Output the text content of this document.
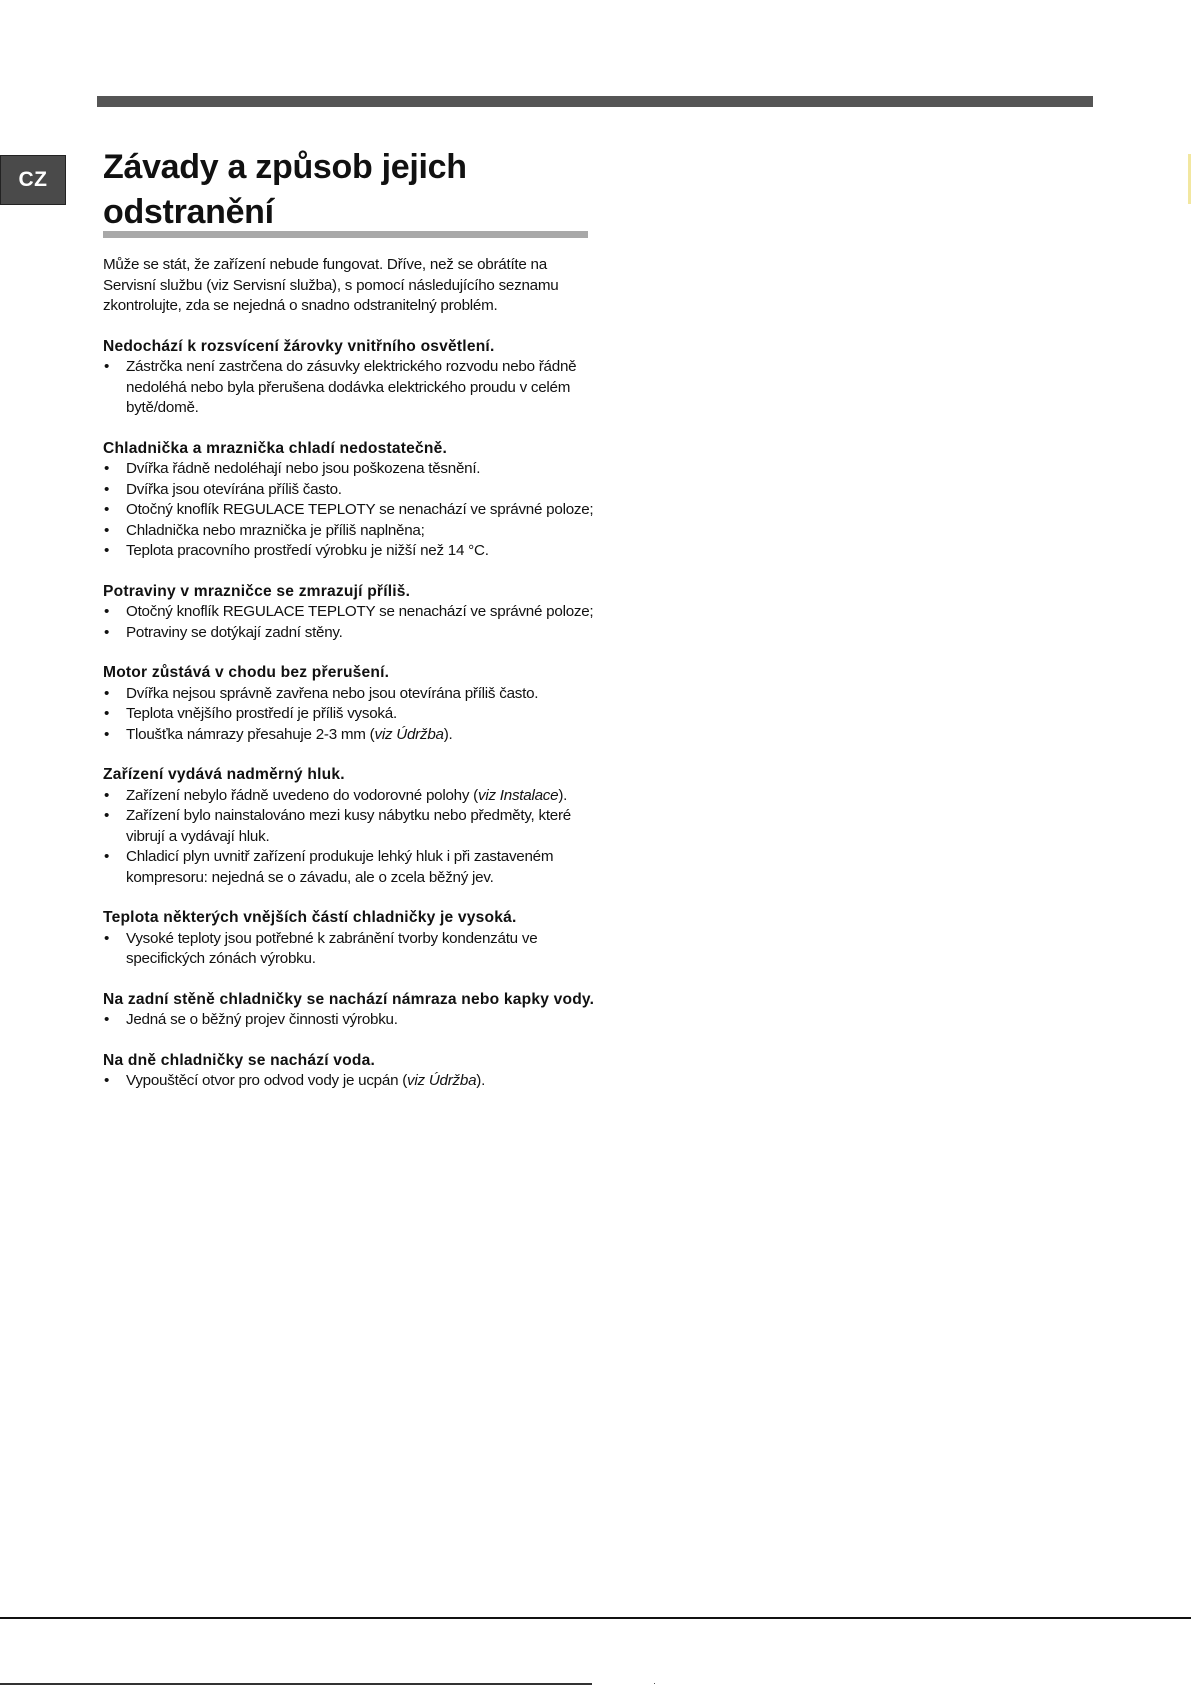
CZ	Závady a způsob jejich
odstranění

Může se stát, že zařízení nebude fungovat. Dříve, než se obrátíte na Servisní službu (viz Servisní služba), s pomocí následujícího seznamu zkontrolujte, zda se nejedná o snadno odstranitelný problém.

Nedochází k rozsvícení žárovky vnitřního osvětlení.

• Zástrčka není zastrčena do zásuvky elektrického rozvodu nebo řádně nedoléhá nebo byla přerušena dodávka elektrického proudu v celém bytě/domě.

Chladnička a mraznička chladí nedostatečně.

• Dvířka řádně nedoléhají nebo jsou poškozena těsnění.
• Dvířka jsou otevírána příliš často.
• Otočný knoflík REGULACE TEPLOTY se nenachází ve správné poloze;
• Chladnička nebo mraznička je příliš naplněna;
• Teplota pracovního prostředí výrobku je nižší než 14 °C.

Potraviny v mrazničce se zmrazují příliš.

• Otočný knoflík REGULACE TEPLOTY se nenachází ve správné poloze;
• Potraviny se dotýkají zadní stěny.

Motor zůstává v chodu bez přerušení.

• Dvířka nejsou správně zavřena nebo jsou otevírána příliš často.
• Teplota vnějšího prostředí je příliš vysoká.
• Tloušťka námrazy přesahuje 2-3 mm (viz Údržba).

Zařízení vydává nadměrný hluk.

• Zařízení nebylo řádně uvedeno do vodorovné polohy (viz Instalace).
• Zařízení bylo nainstalováno mezi kusy nábytku nebo předměty, které vibrují a vydávají hluk.
• Chladicí plyn uvnitř zařízení produkuje lehký hluk i při zastaveném kompresoru: nejedná se o závadu, ale o zcela běžný jev.

Teplota některých vnějších částí chladničky je vysoká.

• Vysoké teploty jsou potřebné k zabránění tvorby kondenzátu ve specifických zónách výrobku.

Na zadní stěně chladničky se nachází námraza nebo kapky vody.

• Jedná se o běžný projev činnosti výrobku.

Na dně chladničky se nachází voda.

• Vypouštěcí otvor pro odvod vody je ucpán (viz Údržba).
·
